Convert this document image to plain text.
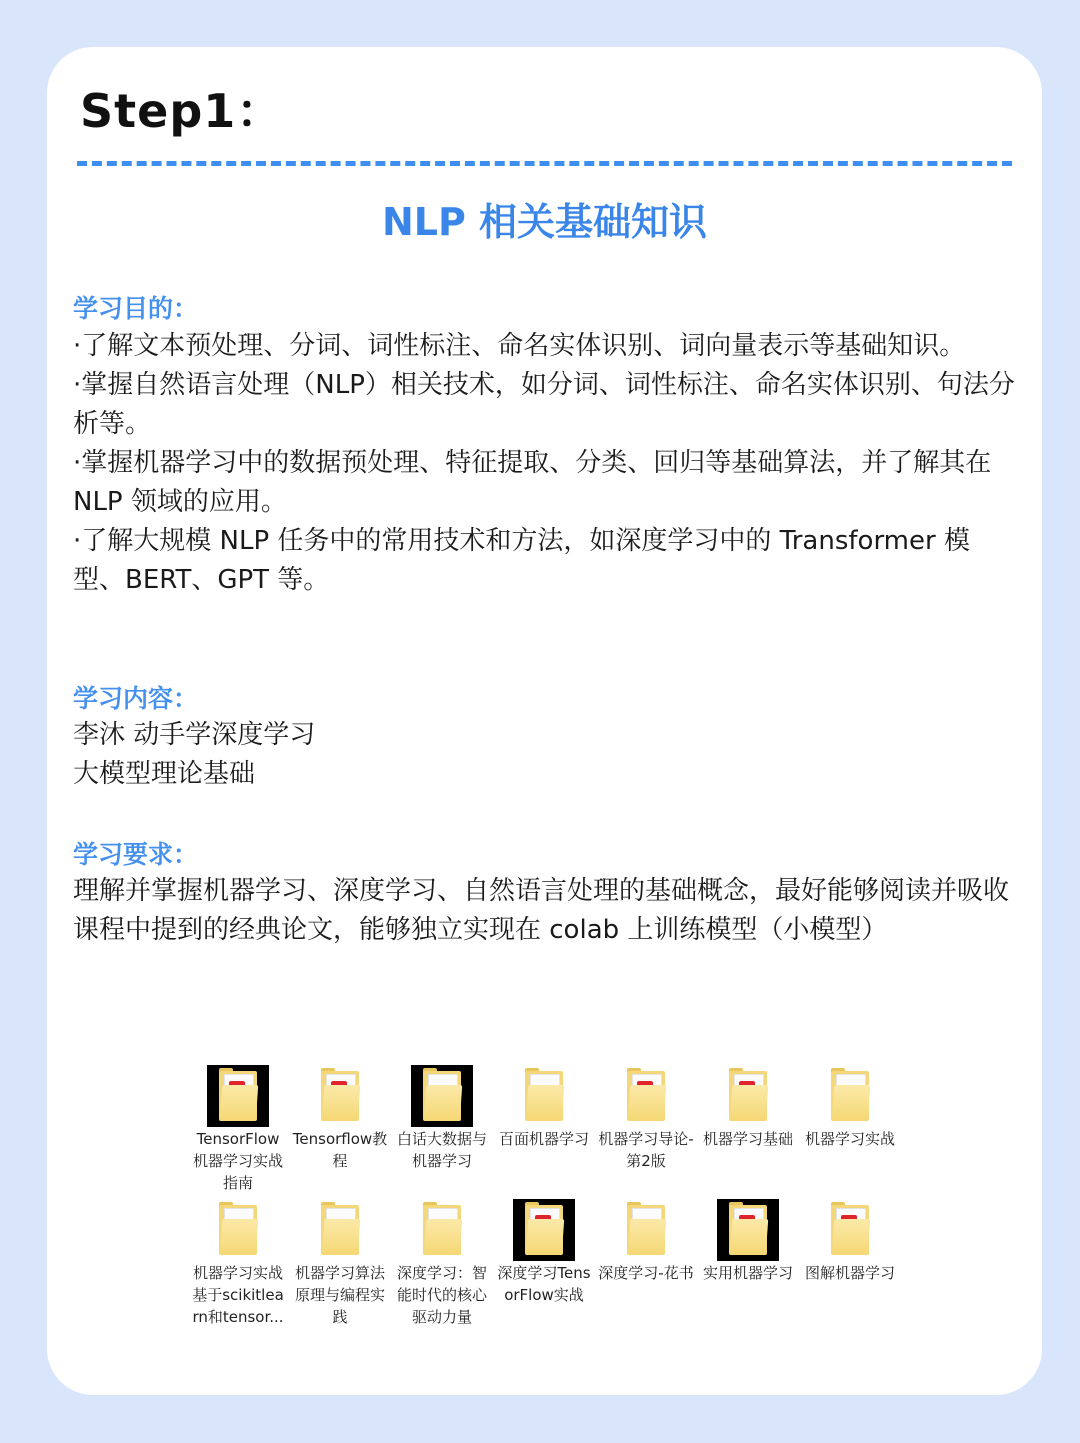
Step1：
NLP 相关基础知识
学习目的：

·了解文本预处理、分词、词性标注、命名实体识别、词向量表示等基础知识。

·掌握自然语言处理（NLP）相关技术，如分词、词性标注、命名实体识别、句法分析等。

·掌握机器学习中的数据预处理、特征提取、分类、回归等基础算法，并了解其在 NLP 领域的应用。

·了解大规模 NLP 任务中的常用技术和方法，如深度学习中的 Transformer 模型、BERT、GPT 等。

学习内容：

李沐 动手学深度学习

大模型理论基础

学习要求：
理解并掌握机器学习、深度学习、自然语言处理的基础概念，最好能够阅读并吸收课程中提到的经典论文，能够独立实现在 colab 上训练模型（小模型）
TensorFlow机器学习实战指南
Tensorflow教程
白话大数据与机器学习
百面机器学习 机器学习导论-第2版
机器学习基础 机器学习实战
机器学习实战基于scikitlearn和tensor...
机器学习算法原理与编程实践
深度学习：智能时代的核心驱动力量
深度学习TensorFlow实战
深度学习-花书 实用机器学习 图解机器学习
